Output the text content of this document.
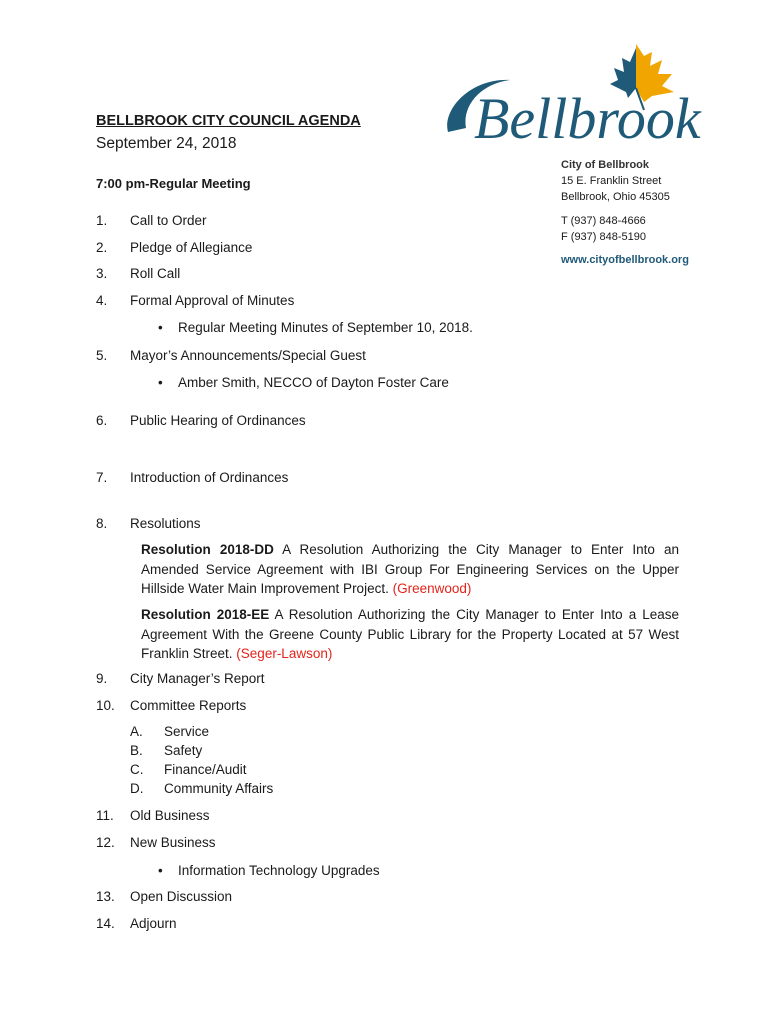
Bellbrook
BELLBROOK CITY COUNCIL AGENDA
September 24, 2018
7:00 pm-Regular Meeting
City of Bellbrook
15 E. Franklin Street
Bellbrook, Ohio 45305
T (937) 848-4666
F (937) 848-5190
www.cityofbellbrook.org
1. Call to Order
2. Pledge of Allegiance
3. Roll Call
4. Formal Approval of Minutes
• Regular Meeting Minutes of September 10, 2018.
5. Mayor’s Announcements/Special Guest
• Amber Smith, NECCO of Dayton Foster Care
6. Public Hearing of Ordinances
7. Introduction of Ordinances
8. Resolutions
Resolution 2018-DD A Resolution Authorizing the City Manager to Enter Into an Amended Service Agreement with IBI Group For Engineering Services on the Upper Hillside Water Main Improvement Project. (Greenwood)
Resolution 2018-EE A Resolution Authorizing the City Manager to Enter Into a Lease Agreement With the Greene County Public Library for the Property Located at 57 West Franklin Street. (Seger-Lawson)
9. City Manager’s Report
10. Committee Reports
A. Service
B. Safety
C. Finance/Audit
D. Community Affairs
11. Old Business
12. New Business
• Information Technology Upgrades
13. Open Discussion
14. Adjourn
